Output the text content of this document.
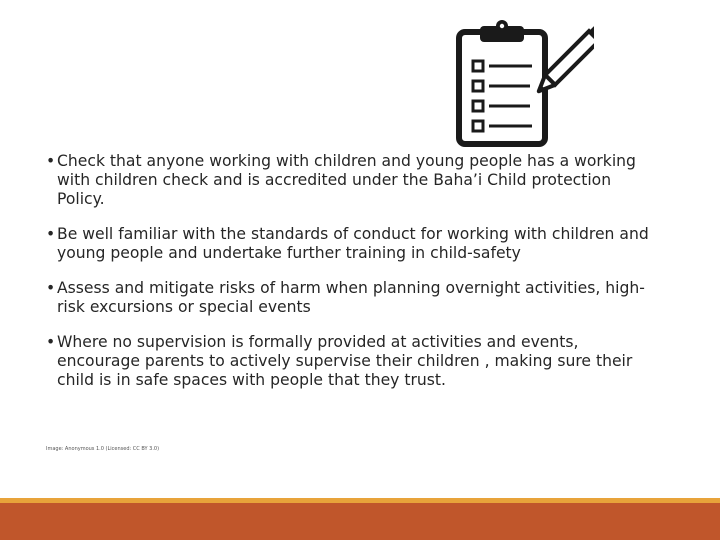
• Check that anyone working with children and young people has a working with children check and is accredited under the Baha’i Child protection Policy.
• Be well familiar with the standards of conduct for working with children and young people and undertake further training in child-safety
• Assess and mitigate risks of harm when planning overnight activities, high-risk excursions or special events
• Where no supervision is formally provided at activities and events, encourage parents to actively supervise their children , making sure their child is in safe spaces with people that they trust.
Image: Anonymous 1.0 (Licensed: CC BY 3.0)
